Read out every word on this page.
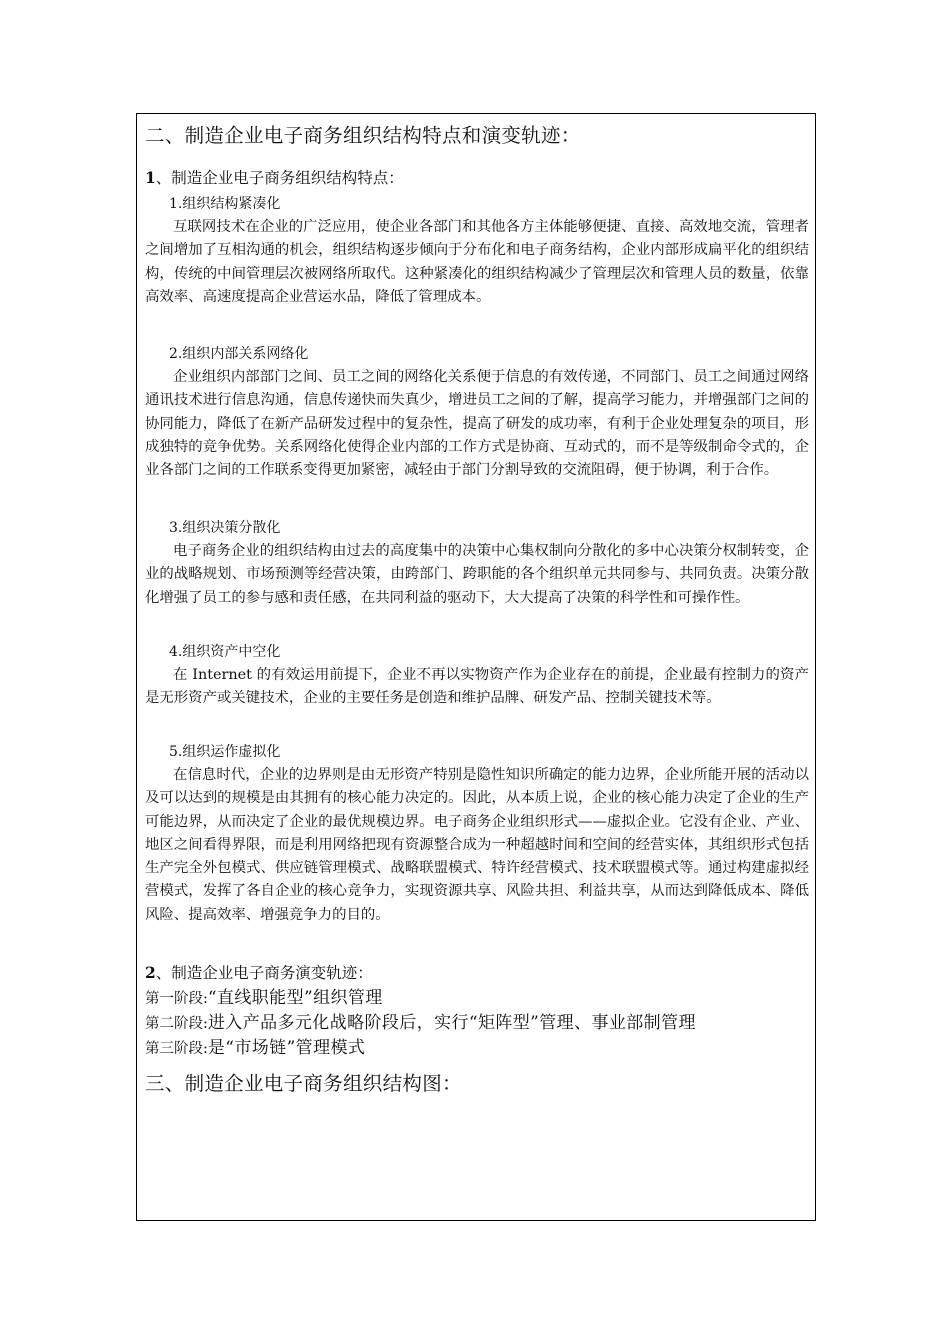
二、制造企业电子商务组织结构特点和演变轨迹：
1、制造企业电子商务组织结构特点：
1.组织结构紧凑化

互联网技术在企业的广泛应用，使企业各部门和其他各方主体能够便捷、直接、高效地交流，管理者之间增加了互相沟通的机会，组织结构逐步倾向于分布化和电子商务结构，企业内部形成扁平化的组织结构，传统的中间管理层次被网络所取代。这种紧凑化的组织结构减少了管理层次和管理人员的数量，依靠高效率、高速度提高企业营运水品，降低了管理成本。

2.组织内部关系网络化

企业组织内部部门之间、员工之间的网络化关系便于信息的有效传递，不同部门、员工之间通过网络通讯技术进行信息沟通，信息传递快而失真少，增进员工之间的了解，提高学习能力，并增强部门之间的协同能力，降低了在新产品研发过程中的复杂性，提高了研发的成功率，有利于企业处理复杂的项目，形成独特的竞争优势。关系网络化使得企业内部的工作方式是协商、互动式的，而不是等级制命令式的，企业各部门之间的工作联系变得更加紧密，减轻由于部门分割导致的交流阻碍，便于协调，利于合作。

3.组织决策分散化

电子商务企业的组织结构由过去的高度集中的决策中心集权制向分散化的多中心决策分权制转变，企业的战略规划、市场预测等经营决策，由跨部门、跨职能的各个组织单元共同参与、共同负责。决策分散化增强了员工的参与感和责任感，在共同利益的驱动下，大大提高了决策的科学性和可操作性。

4.组织资产中空化

在 Internet 的有效运用前提下，企业不再以实物资产作为企业存在的前提，企业最有控制力的资产是无形资产或关键技术，企业的主要任务是创造和维护品牌、研发产品、控制关键技术等。

5.组织运作虚拟化

在信息时代，企业的边界则是由无形资产特别是隐性知识所确定的能力边界，企业所能开展的活动以及可以达到的规模是由其拥有的核心能力决定的。因此，从本质上说，企业的核心能力决定了企业的生产可能边界，从而决定了企业的最优规模边界。电子商务企业组织形式——虚拟企业。它没有企业、产业、地区之间看得界限，而是利用网络把现有资源整合成为一种超越时间和空间的经营实体，其组织形式包括生产完全外包模式、供应链管理模式、战略联盟模式、特许经营模式、技术联盟模式等。通过构建虚拟经营模式，发挥了各自企业的核心竞争力，实现资源共享、风险共担、利益共享，从而达到降低成本、降低风险、提高效率、增强竞争力的目的。

2、制造企业电子商务演变轨迹：
第一阶段:“直线职能型”组织管理
第二阶段:进入产品多元化战略阶段后，实行“矩阵型”管理、事业部制管理
第三阶段:是“市场链”管理模式
三、制造企业电子商务组织结构图：
